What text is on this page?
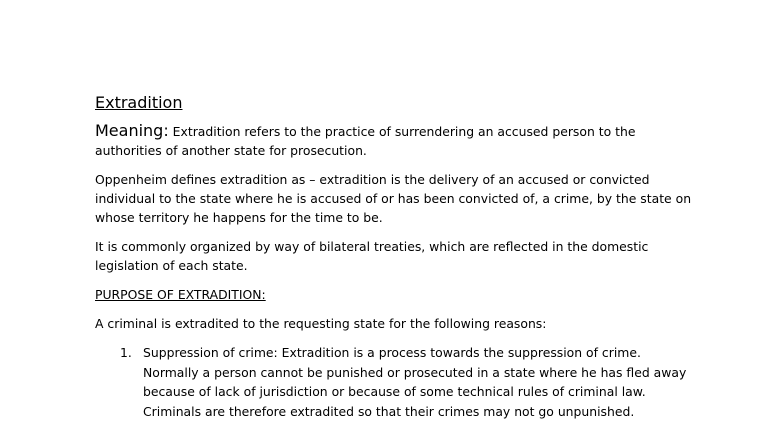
Extradition

Meaning: Extradition refers to the practice of surrendering an accused person to the authorities of another state for prosecution.

Oppenheim defines extradition as – extradition is the delivery of an accused or convicted individual to the state where he is accused of or has been convicted of, a crime, by the state on whose territory he happens for the time to be.

It is commonly organized by way of bilateral treaties, which are reflected in the domestic legislation of each state.

PURPOSE OF EXTRADITION:

A criminal is extradited to the requesting state for the following reasons:

1. Suppression of crime: Extradition is a process towards the suppression of crime. Normally a person cannot be punished or prosecuted in a state where he has fled away because of lack of jurisdiction or because of some technical rules of criminal law. Criminals are therefore extradited so that their crimes may not go unpunished.
